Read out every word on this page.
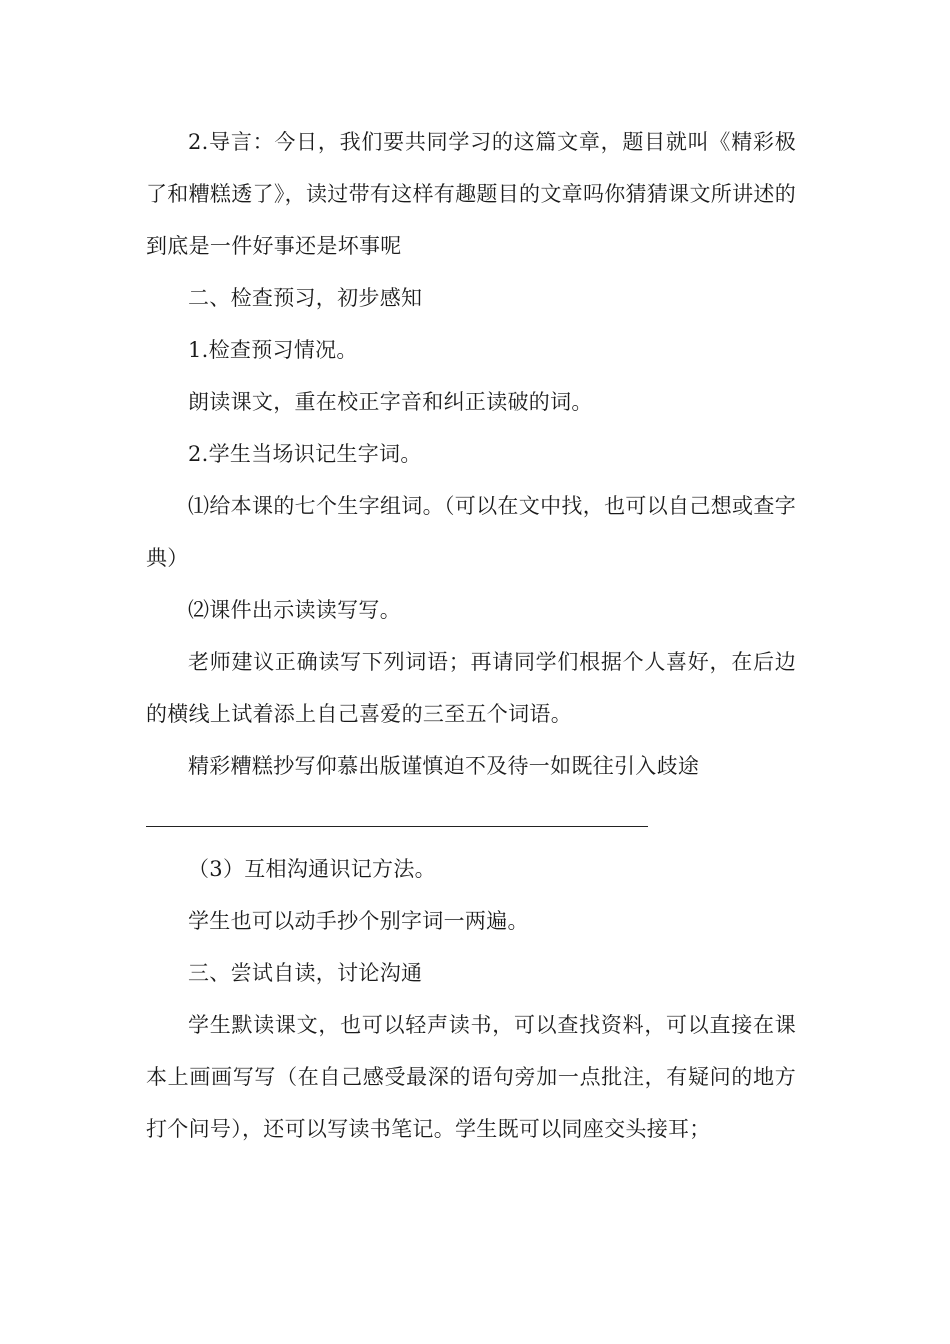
2.导言：今日，我们要共同学习的这篇文章，题目就叫《精彩极了和糟糕透了》，读过带有这样有趣题目的文章吗你猜猜课文所讲述的到底是一件好事还是坏事呢

二、检查预习，初步感知

1.检查预习情况。

朗读课文，重在校正字音和纠正读破的词。

2.学生当场识记生字词。

⑴给本课的七个生字组词。（可以在文中找，也可以自己想或查字典）

⑵课件出示读读写写。

老师建议正确读写下列词语；再请同学们根据个人喜好，在后边的横线上试着添上自己喜爱的三至五个词语。

精彩糟糕抄写仰慕出版谨慎迫不及待一如既往引入歧途

（3）互相沟通识记方法。

学生也可以动手抄个别字词一两遍。

三、尝试自读，讨论沟通

学生默读课文，也可以轻声读书，可以查找资料，可以直接在课本上画画写写（在自己感受最深的语句旁加一点批注，有疑问的地方打个问号），还可以写读书笔记。学生既可以同座交头接耳；
